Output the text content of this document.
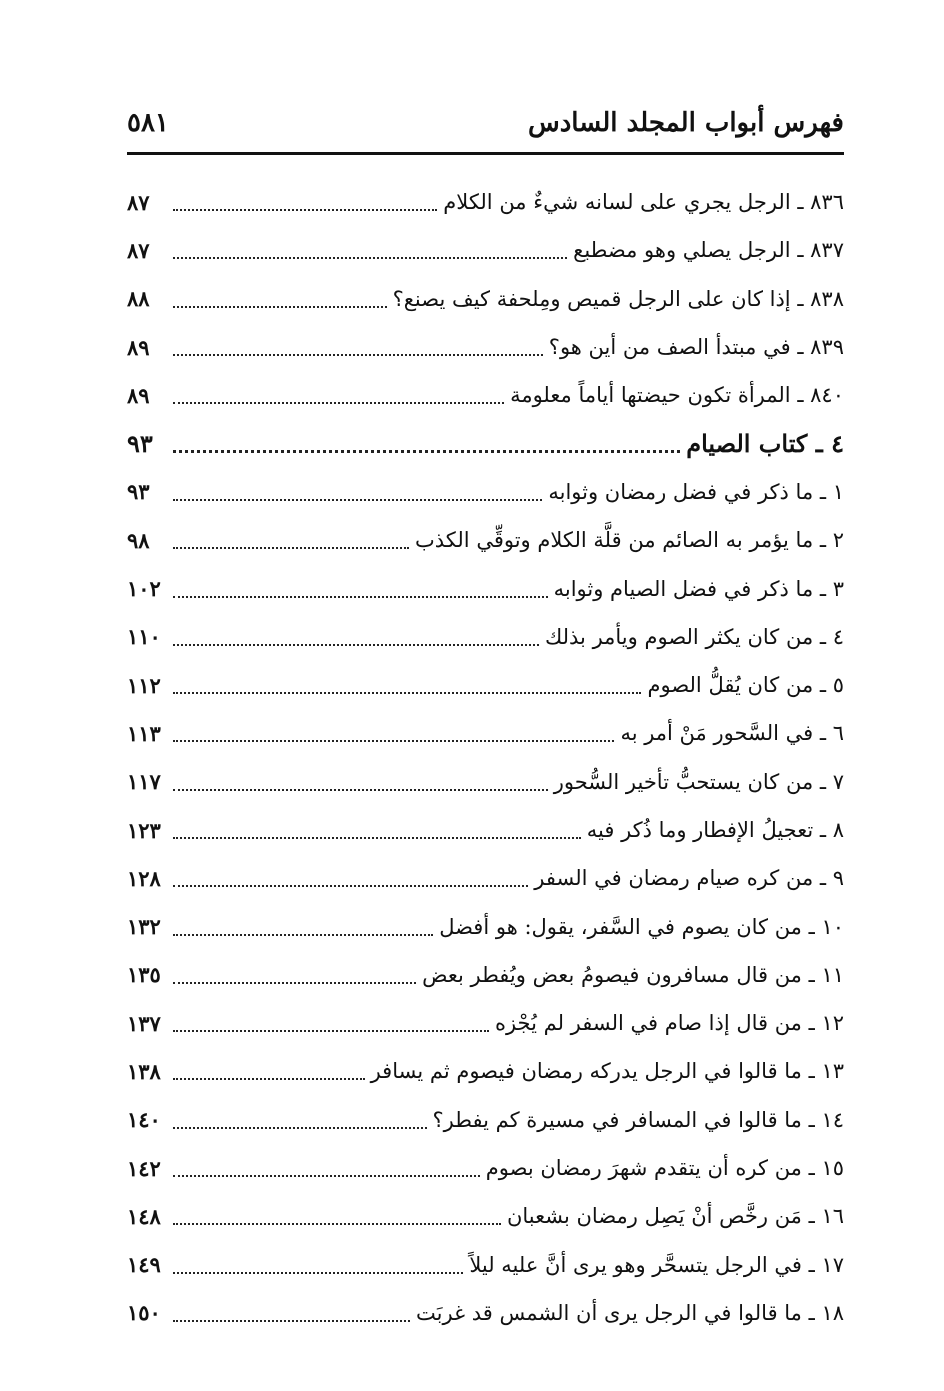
فهرس أبواب المجلد السادس
٥٨١
٨٣٦ ـ الرجل يجري على لسانه شيءٌ من الكلام
٨٧
٨٣٧ ـ الرجل يصلي وهو مضطبع
٨٧
٨٣٨ ـ إذا كان على الرجل قميص ومِلحفة كيف يصنع؟
٨٨
٨٣٩ ـ في مبتدأ الصف من أين هو؟
٨٩
٨٤٠ ـ المرأة تكون حيضتها أياماً معلومة
٨٩
٤ ـ كتاب الصيام
٩٣
١ ـ ما ذكر في فضل رمضان وثوابه
٩٣
٢ ـ ما يؤمر به الصائم من قلَّة الكلام وتوقِّي الكذب
٩٨
٣ ـ ما ذكر في فضل الصيام وثوابه
١٠٢
٤ ـ من كان يكثر الصوم ويأمر بذلك
١١٠
٥ ـ من كان يُقلُّ الصوم
١١٢
٦ ـ في السَّحور مَنْ أمر به
١١٣
٧ ـ من كان يستحبُّ تأخير السُّحور
١١٧
٨ ـ تعجيلُ الإفطار وما ذُكر فيه
١٢٣
٩ ـ من كره صيام رمضان في السفر
١٢٨
١٠ ـ من كان يصوم في السَّفر، يقول: هو أفضل
١٣٢
١١ ـ من قال مسافرون فيصومُ بعض ويُفطر بعض
١٣٥
١٢ ـ من قال إذا صام في السفر لم يُجْزه
١٣٧
١٣ ـ ما قالوا في الرجل يدركه رمضان فيصوم ثم يسافر
١٣٨
١٤ ـ ما قالوا في المسافر في مسيرة كم يفطر؟
١٤٠
١٥ ـ من كره أن يتقدم شهرَ رمضان بصوم
١٤٢
١٦ ـ مَن رخَّص أنْ يَصِل رمضان بشعبان
١٤٨
١٧ ـ في الرجل يتسحَّر وهو يرى أنَّ عليه ليلاً
١٤٩
١٨ ـ ما قالوا في الرجل يرى أن الشمس قد غربَت
١٥٠
